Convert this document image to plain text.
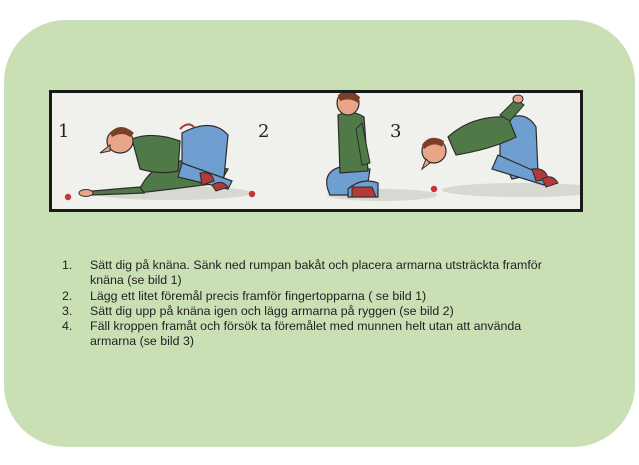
1	2	3
1.	Sätt dig på knäna. Sänk ned rumpan bakåt och placera armarna utsträckta framför knäna (se bild 1)
2.	Lägg ett litet föremål precis framför fingertopparna ( se bild 1)
3.	Sätt dig upp på knäna igen och lägg armarna på ryggen (se bild 2)
4.	Fäll kroppen framåt och försök ta föremålet med munnen helt utan att använda armarna (se bild 3)
